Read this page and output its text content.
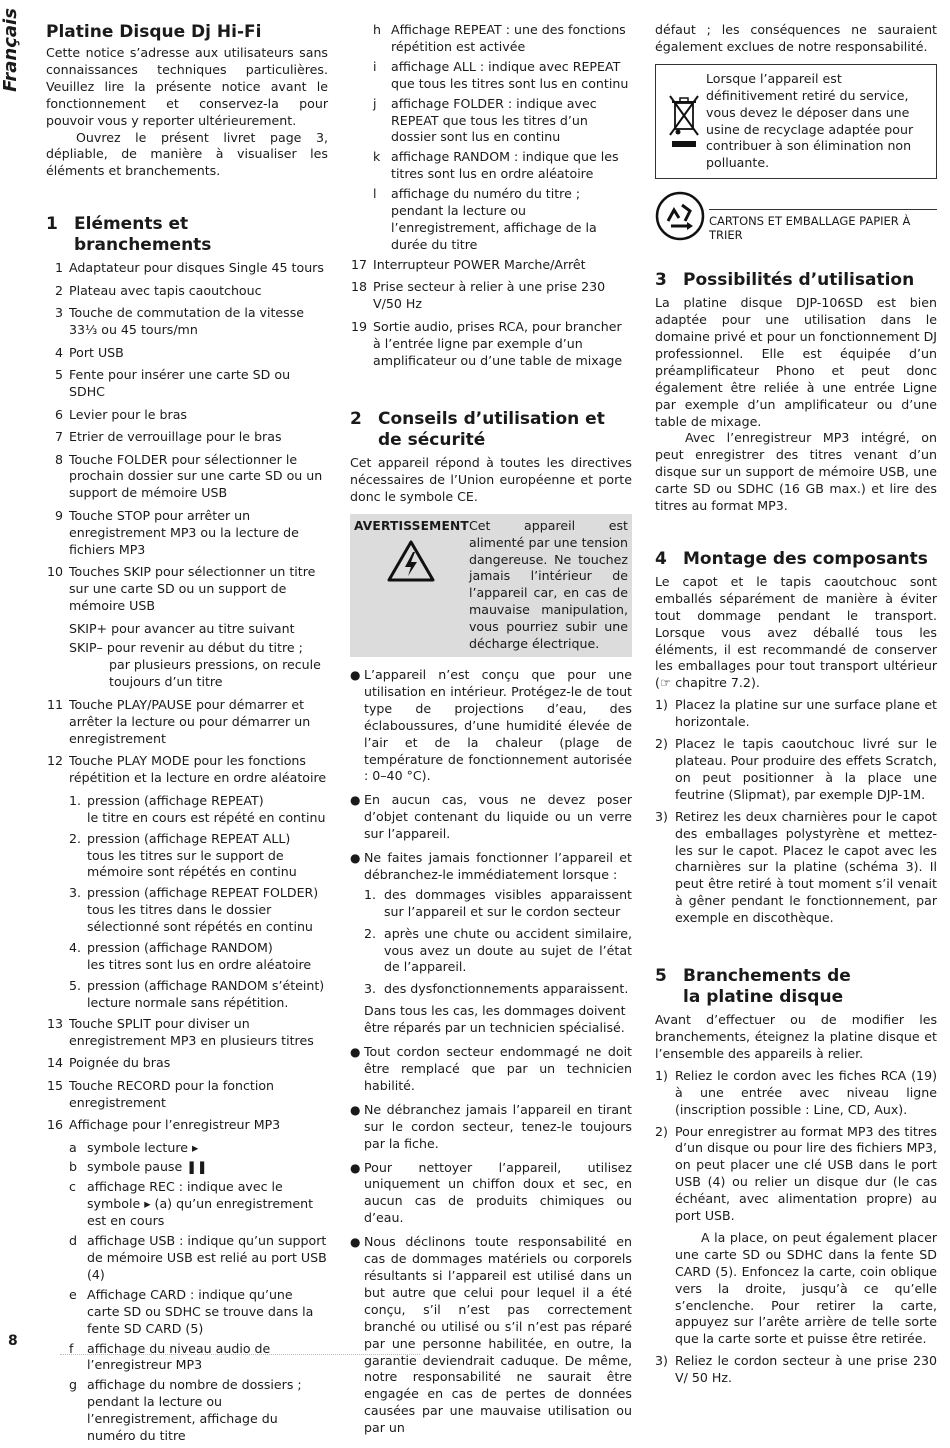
Français	Platine Disque Dj Hi-Fi

Cette notice s’adresse aux utilisateurs sans connaissances techniques particulières. Veuillez lire la présente notice avant le fonctionnement et conservez-la pour pouvoir vous y reporter ultérieurement.

Ouvrez le présent livret page 3, dépliable, de manière à visualiser les éléments et branchements.

1 Eléments et branchements
1 Adaptateur pour disques Single 45 tours
2 Plateau avec tapis caoutchouc
3 Touche de commutation de la vitesse 33⅓ ou 45 tours/mn
4 Port USB
5 Fente pour insérer une carte SD ou SDHC
6 Levier pour le bras
7 Etrier de verrouillage pour le bras
8 Touche FOLDER pour sélectionner le prochain dossier sur une carte SD ou un support de mémoire USB
9 Touche STOP pour arrêter un enregistrement MP3 ou la lecture de fichiers MP3
10 Touches SKIP pour sélectionner un titre sur une carte SD ou un support de mémoire USB
SKIP+ pour avancer au titre suivant
SKIP– pour revenir au début du titre ;
par plusieurs pressions, on recule toujours d’un titre
11 Touche PLAY/PAUSE pour démarrer et arrêter la lecture ou pour démarrer un enregistrement
12 Touche PLAY MODE pour les fonctions répétition et la lecture en ordre aléatoire
1. pression (affichage REPEAT)
le titre en cours est répété en continu
2. pression (affichage REPEAT ALL)
tous les titres sur le support de mémoire sont répétés en continu
3. pression (affichage REPEAT FOLDER)
tous les titres dans le dossier sélectionné sont répétés en continu
4. pression (affichage RANDOM)
les titres sont lus en ordre aléatoire
5. pression (affichage RANDOM s’éteint)
lecture normale sans répétition.
13 Touche SPLIT pour diviser un enregistrement MP3 en plusieurs titres
14 Poignée du bras
15 Touche RECORD pour la fonction enregistrement
16 Affichage pour l’enregistreur MP3
a symbole lecture ▸
b symbole pause ❚❚
c affichage REC : indique avec le symbole ▸ (a) qu’un enregistrement est en cours
d affichage USB : indique qu’un support de mémoire USB est relié au port USB (4)
e Affichage CARD : indique qu’une carte SD ou SDHC se trouve dans la fente SD CARD (5)
f	affichage du niveau audio de l’enregistreur MP3
g affichage du nombre de dossiers ; pendant la lecture ou l’enregistrement, affichage du numéro du titre
h Affichage REPEAT : une des fonctions répétition est activée
i	affichage ALL : indique avec REPEAT que tous les titres sont lus en continu
j	affichage FOLDER : indique avec REPEAT que tous les titres d’un dossier sont lus en continu
k affichage RANDOM : indique que les titres sont lus en ordre aléatoire
l	affichage du numéro du titre ; pendant la lecture ou l’enregistrement, affichage de la durée du titre
17 Interrupteur POWER Marche/Arrêt
18 Prise secteur à relier à une prise 230 V/50 Hz
19 Sortie audio, prises RCA, pour brancher à l’entrée ligne par exemple d’un amplificateur ou d’une table de mixage
2 Conseils d’utilisation et
de sécurité

Cet appareil répond à toutes les directives nécessaires de l’Union européenne et porte donc le symbole CE.

AVERTISSEMENT Cet appareil est alimenté par une tension dangereuse. Ne touchez jamais l’intérieur de l’appareil car, en cas de mauvaise manipulation, vous pourriez subir une décharge électrique.
● L’appareil n’est conçu que pour une utilisation en intérieur. Protégez-le de tout type de projections d’eau, des éclaboussures, d’une humidité élevée de l’air et de la chaleur (plage de température de fonctionnement autorisée : 0–40 °C).
● En aucun cas, vous ne devez poser d’objet contenant du liquide ou un verre sur l’appareil.
● Ne faites jamais fonctionner l’appareil et débranchez-le immédiatement lorsque :
1. des dommages visibles apparaissent sur l’appareil et sur le cordon secteur
2. après une chute ou accident similaire, vous avez un doute au sujet de l’état de l’appareil.
3. des dysfonctionnements apparaissent.
Dans tous les cas, les dommages doivent être réparés par un technicien spécialisé.
● Tout cordon secteur endommagé ne doit être remplacé que par un technicien habilité.
● Ne débranchez jamais l’appareil en tirant sur le cordon secteur, tenez-le toujours par la fiche.
● Pour nettoyer l’appareil, utilisez uniquement un chiffon doux et sec, en aucun cas de produits chimiques ou d’eau.
● Nous déclinons toute responsabilité en cas de dommages matériels ou corporels résultants si l’appareil est utilisé dans un but autre que celui pour lequel il a été conçu, s’il n’est pas correctement branché ou utilisé ou s’il n’est pas réparé par une personne habilitée, en outre, la garantie deviendrait caduque. De même, notre responsabilité ne saurait être engagée en cas de pertes de données causées par une mauvaise utilisation ou par un

défaut ; les conséquences ne sauraient également exclues de notre responsabilité.

Lorsque l’appareil est définitivement retiré du service, vous devez le déposer dans une usine de recyclage adaptée pour contribuer à son élimination non polluante.
CARTONS ET EMBALLAGE PAPIER À TRIER
3 Possibilités d’utilisation

La platine disque DJP-106SD est bien adaptée pour une utilisation dans le domaine privé et pour un fonctionnement DJ professionnel. Elle est équipée d’un préamplificateur Phono et peut donc également être reliée à une entrée Ligne par exemple d’un amplificateur ou d’une table de mixage.

Avec l’enregistreur MP3 intégré, on peut enregistrer des titres venant d’un disque sur un support de mémoire USB, une carte SD ou SDHC (16 GB max.) et lire des titres au format MP3.

4 Montage des composants

Le capot et le tapis caoutchouc sont emballés séparément de manière à éviter tout dommage pendant le transport. Lorsque vous avez déballé tous les éléments, il est recommandé de conserver les emballages pour tout transport ultérieur (☞ chapitre 7.2).

1) Placez la platine sur une surface plane et horizontale.
2) Placez le tapis caoutchouc livré sur le plateau. Pour produire des effets Scratch, on peut positionner à la place une feutrine (Slipmat), par exemple DJP-1M.
3) Retirez les deux charnières pour le capot des emballages polystyrène et mettez-les sur le capot. Placez le capot avec les charnières sur la platine (schéma 3). Il peut être retiré à tout moment s’il venait à gêner pendant le fonctionnement, par exemple en discothèque.
5 Branchements de
la platine disque

Avant d’effectuer ou de modifier les branchements, éteignez la platine disque et l’ensemble des appareils à relier.

1) Reliez le cordon avec les fiches RCA (19) à une entrée avec niveau ligne (inscription possible : Line, CD, Aux).
2) Pour enregistrer au format MP3 des titres d’un disque ou pour lire des fichiers MP3, on peut placer une clé USB dans le port USB (4) ou relier un disque dur (le cas échéant, avec alimentation propre) au port USB.
A la place, on peut également placer une carte SD ou SDHC dans la fente SD CARD (5). Enfoncez la carte, coin oblique vers la droite, jusqu’à ce qu’elle s’enclenche. Pour retirer la carte, appuyez sur l’arête arrière de telle sorte que la carte sorte et puisse être retirée.
3) Reliez le cordon secteur à une prise 230 V/ 50 Hz.
8
